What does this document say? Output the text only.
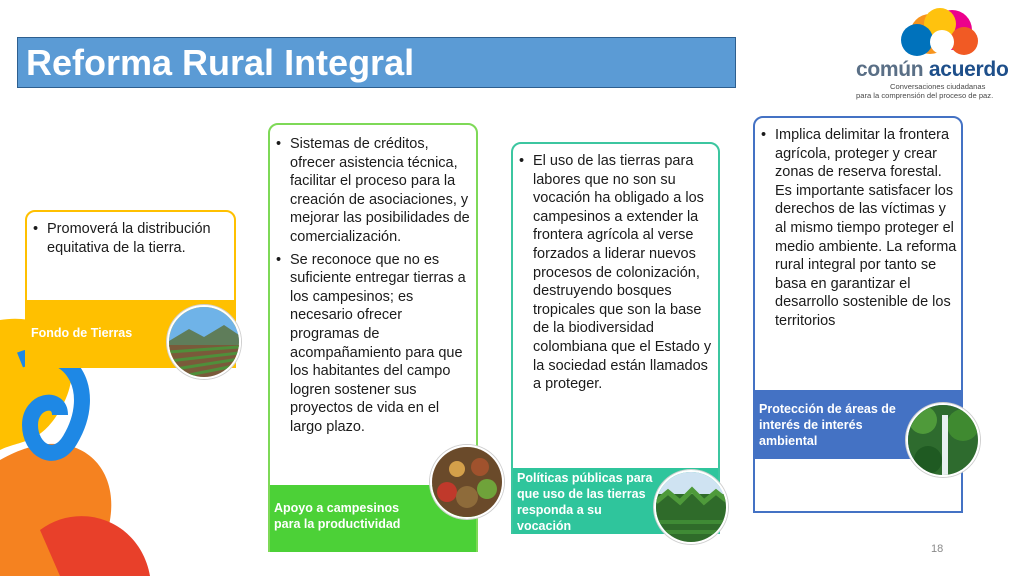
Reforma Rural Integral	común acuerdo
Conversaciones ciudadanas
para la comprensión del proceso de paz.
• Promoverá la distribución equitativa de la tierra.
Fondo de Tierras
• Sistemas de créditos, ofrecer asistencia técnica, facilitar el proceso para la creación de asociaciones, y mejorar las posibilidades de comercialización.
• Se reconoce que no es suficiente entregar tierras a los campesinos; es necesario ofrecer programas de acompañamiento para que los habitantes del campo logren sostener sus proyectos de vida en el largo plazo.
Apoyo a campesinos para la productividad
• El uso de las tierras para labores que no son su vocación ha obligado a los campesinos a extender la frontera agrícola al verse forzados a liderar nuevos procesos de colonización, destruyendo bosques tropicales que son la base de la biodiversidad colombiana que el Estado y la sociedad están llamados a proteger.
Políticas públicas para que uso de las tierras responda a su vocación
• Implica delimitar la frontera agrícola, proteger y crear zonas de reserva forestal. Es importante satisfacer los derechos de las víctimas y al mismo tiempo proteger el medio ambiente. La reforma rural integral por tanto se basa en garantizar el desarrollo sostenible de los territorios
Protección de áreas de interés de interés ambiental
18
